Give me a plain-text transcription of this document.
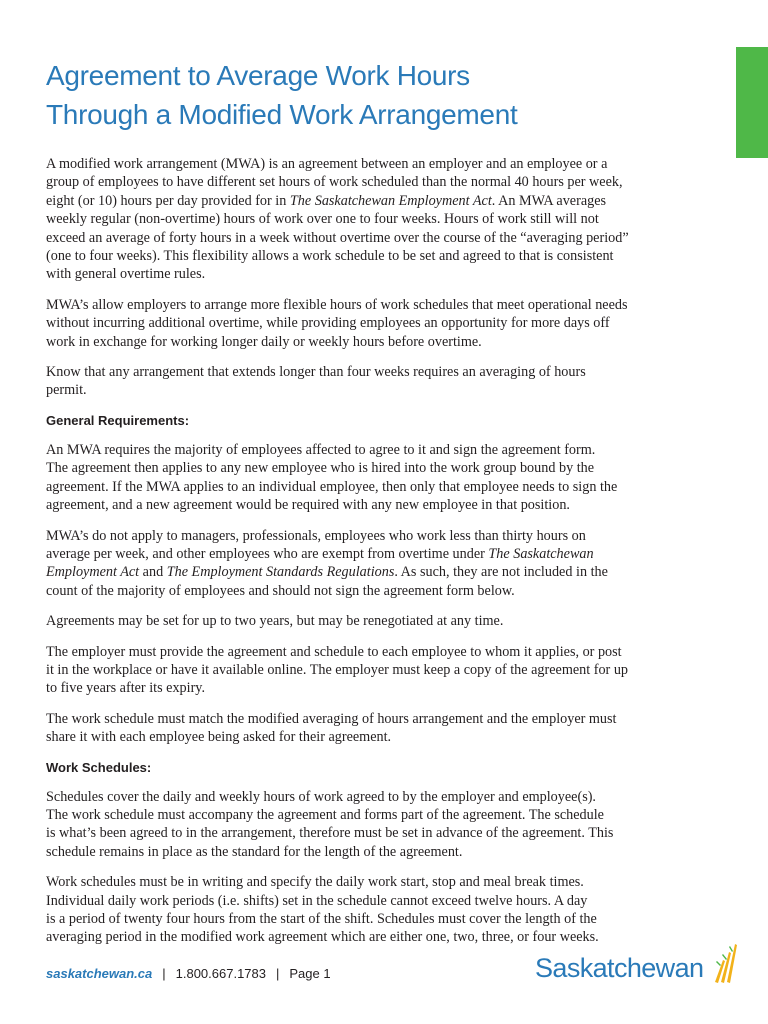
Agreement to Average Work Hours
Through a Modified Work Arrangement

A modified work arrangement (MWA) is an agreement between an employer and an employee or a
group of employees to have different set hours of work scheduled than the normal 40 hours per week,
eight (or 10) hours per day provided for in The Saskatchewan Employment Act. An MWA averages
weekly regular (non-overtime) hours of work over one to four weeks. Hours of work still will not
exceed an average of forty hours in a week without overtime over the course of the “averaging period”
(one to four weeks). This flexibility allows a work schedule to be set and agreed to that is consistent
with general overtime rules.

MWA’s allow employers to arrange more flexible hours of work schedules that meet operational needs
without incurring additional overtime, while providing employees an opportunity for more days off
work in exchange for working longer daily or weekly hours before overtime.

Know that any arrangement that extends longer than four weeks requires an averaging of hours
permit.

General Requirements:

An MWA requires the majority of employees affected to agree to it and sign the agreement form.
The agreement then applies to any new employee who is hired into the work group bound by the
agreement. If the MWA applies to an individual employee, then only that employee needs to sign the
agreement, and a new agreement would be required with any new employee in that position.

MWA’s do not apply to managers, professionals, employees who work less than thirty hours on
average per week, and other employees who are exempt from overtime under The Saskatchewan
Employment Act and The Employment Standards Regulations. As such, they are not included in the
count of the majority of employees and should not sign the agreement form below.

Agreements may be set for up to two years, but may be renegotiated at any time.

The employer must provide the agreement and schedule to each employee to whom it applies, or post
it in the workplace or have it available online. The employer must keep a copy of the agreement for up
to five years after its expiry.

The work schedule must match the modified averaging of hours arrangement and the employer must
share it with each employee being asked for their agreement.

Work Schedules:

Schedules cover the daily and weekly hours of work agreed to by the employer and employee(s).
The work schedule must accompany the agreement and forms part of the agreement. The schedule
is what’s been agreed to in the arrangement, therefore must be set in advance of the agreement. This
schedule remains in place as the standard for the length of the agreement.

Work schedules must be in writing and specify the daily work start, stop and meal break times.
Individual daily work periods (i.e. shifts) set in the schedule cannot exceed twelve hours. A day
is a period of twenty four hours from the start of the shift. Schedules must cover the length of the
averaging period in the modified work agreement which are either one, two, three, or four weeks.

saskatchewan.ca | 1.800.667.1783 | Page 1	Saskatchewan
